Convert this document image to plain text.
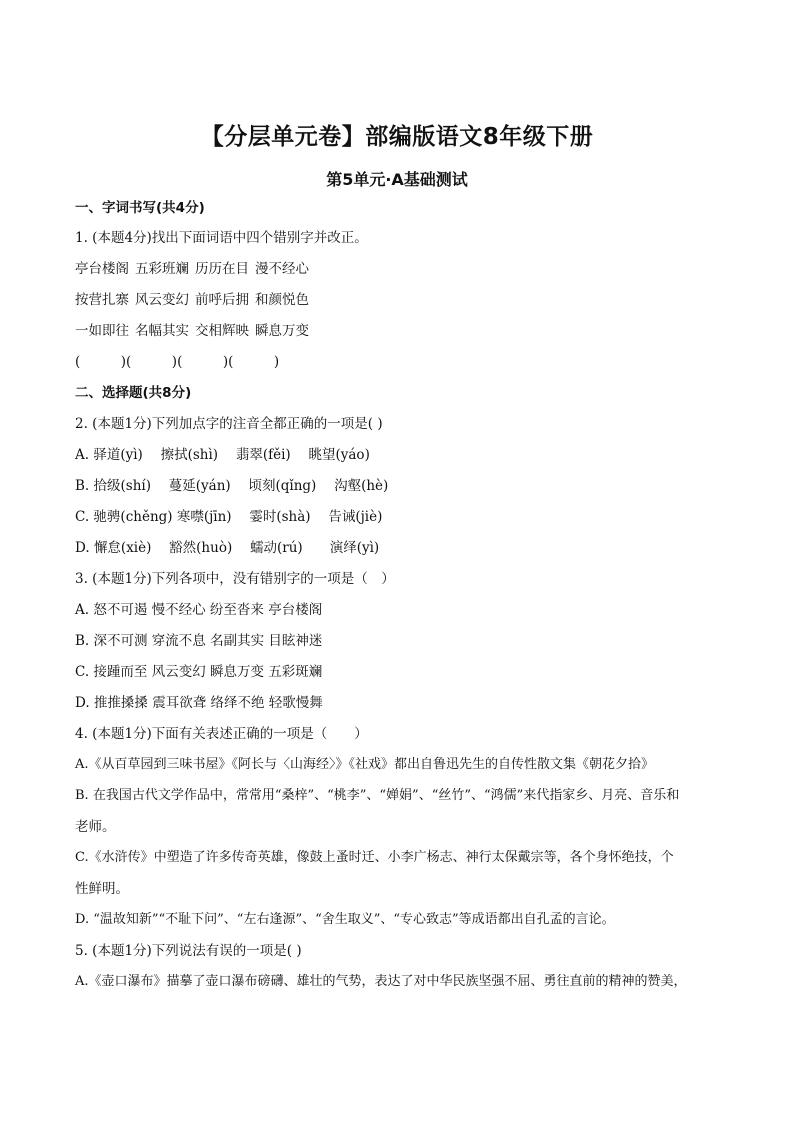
【分层单元卷】部编版语文8年级下册
第5单元·A基础测试
一、字词书写(共4分)
1. (本题4分)找出下面词语中四个错别字并改正。
亭台楼阁 五彩班斓 历历在目 漫不经心
按营扎寨 风云变幻 前呼后拥 和颜悦色
一如即往 名幅其实 交相辉映 瞬息万变
(　　　)(　　　)(　　　)(　　　)
二、选择题(共8分)
2. (本题1分)下列加点字的注音全都正确的一项是( )
A. 驿道(yì)　 擦拭(shì)　 翡翠(fěi)　 眺望(yáo)
B. 拾级(shí)　 蔓延(yán)　 顷刻(qǐng)　 沟壑(hè)
C. 驰骋(chěng) 寒噤(jīn)　 霎时(shà)　 告诫(jiè)
D. 懈怠(xiè)　 豁然(huò)　 蠕动(rú)　　演绎(yì)
3. (本题1分)下列各项中，没有错别字的一项是（　）
A. 怒不可遏 慢不经心 纷至沓来 亭台楼阁
B. 深不可测 穿流不息 名副其实 目眩神迷
C. 接踵而至 风云变幻 瞬息万变 五彩斑斓
D. 推推搡搡 震耳欲聋 络绎不绝 轻歌慢舞
4. (本题1分)下面有关表述正确的一项是（　　）
A.《从百草园到三味书屋》《阿长与〈山海经〉》《社戏》都出自鲁迅先生的自传性散文集《朝花夕拾》
B. 在我国古代文学作品中，常常用“桑梓”、“桃李”、“婵娟”、“丝竹”、“鸿儒”来代指家乡、月亮、音乐和
老师。
C.《水浒传》中塑造了许多传奇英雄，像鼓上蚤时迁、小李广杨志、神行太保戴宗等，各个身怀绝技，个
性鲜明。
D. “温故知新”“不耻下问”、“左右逢源”、“舍生取义”、“专心致志”等成语都出自孔孟的言论。
5. (本题1分)下列说法有误的一项是( )
A.《壶口瀑布》描摹了壶口瀑布磅礴、雄壮的气势，表达了对中华民族坚强不屈、勇往直前的精神的赞美，
